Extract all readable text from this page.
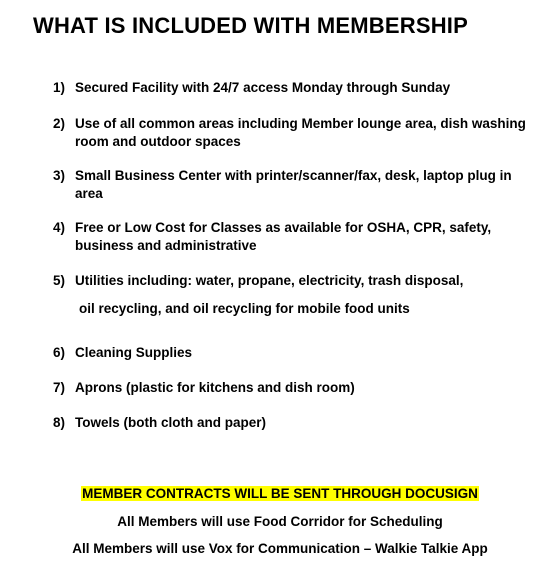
WHAT IS INCLUDED WITH MEMBERSHIP
1) Secured Facility with 24/7 access Monday through Sunday
2) Use of all common areas including Member lounge area, dish washing room and outdoor spaces
3) Small Business Center with printer/scanner/fax, desk, laptop plug in area
4) Free or Low Cost for Classes as available for OSHA, CPR, safety, business and administrative
5) Utilities including: water, propane, electricity, trash disposal,
oil recycling, and oil recycling for mobile food units
6) Cleaning Supplies
7) Aprons (plastic for kitchens and dish room)
8) Towels (both cloth and paper)
MEMBER CONTRACTS WILL BE SENT THROUGH DOCUSIGN
All Members will use Food Corridor for Scheduling
All Members will use Vox for Communication – Walkie Talkie App
